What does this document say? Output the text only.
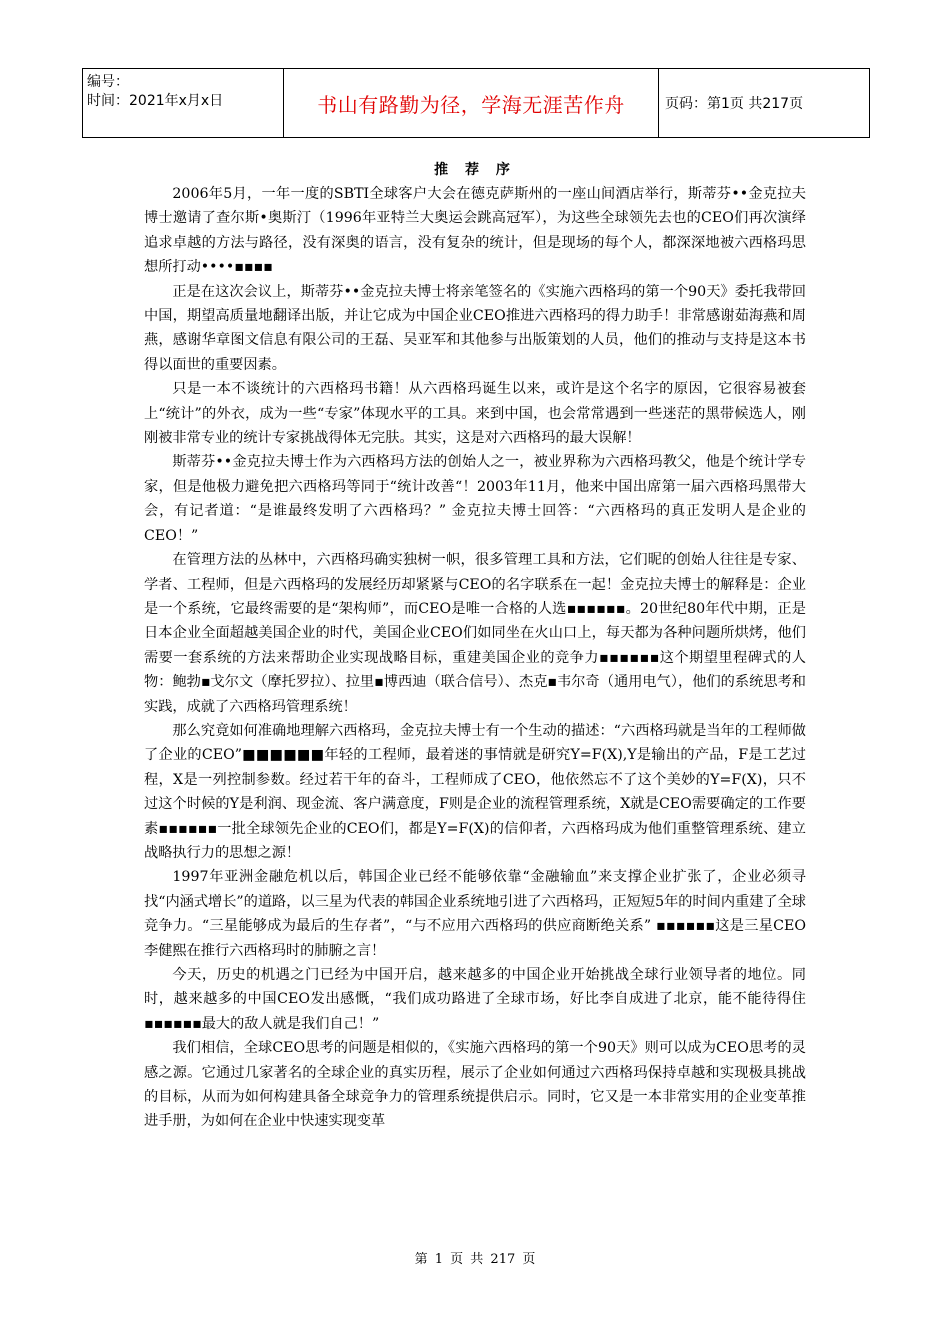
编号：
时间：2021年x月x日	书山有路勤为径，学海无涯苦作舟	页码：第1页 共217页
推 荐 序

2006年5月，一年一度的SBTI全球客户大会在德克萨斯州的一座山间酒店举行，斯蒂芬••金克拉夫博士邀请了查尔斯•奥斯汀（1996年亚特兰大奥运会跳高冠军），为这些全球领先去也的CEO们再次演绎追求卓越的方法与路径，没有深奥的语言，没有复杂的统计，但是现场的每个人，都深深地被六西格玛思想所打动••••▪▪▪▪

正是在这次会议上，斯蒂芬••金克拉夫博士将亲笔签名的《实施六西格玛的第一个90天》委托我带回中国，期望高质量地翻译出版，并让它成为中国企业CEO推进六西格玛的得力助手！非常感谢茹海燕和周燕，感谢华章图文信息有限公司的王磊、吴亚军和其他参与出版策划的人员，他们的推动与支持是这本书得以面世的重要因素。

只是一本不谈统计的六西格玛书籍！从六西格玛诞生以来，或许是这个名字的原因，它很容易被套上“统计”的外衣，成为一些“专家”体现水平的工具。来到中国，也会常常遇到一些迷茫的黑带候选人，刚刚被非常专业的统计专家挑战得体无完肤。其实，这是对六西格玛的最大误解！

斯蒂芬••金克拉夫博士作为六西格玛方法的创始人之一，被业界称为六西格玛教父，他是个统计学专家，但是他极力避免把六西格玛等同于“统计改善“！2003年11月，他来中国出席第一届六西格玛黑带大会，有记者道：“是谁最终发明了六西格玛？” 金克拉夫博士回答：“六西格玛的真正发明人是企业的CEO！”

在管理方法的丛林中，六西格玛确实独树一帜，很多管理工具和方法，它们昵的创始人往往是专家、学者、工程师，但是六西格玛的发展经历却紧紧与CEO的名字联系在一起！金克拉夫博士的解释是：企业是一个系统，它最终需要的是“架构师”，而CEO是唯一合格的人选▪▪▪▪▪▪。20世纪80年代中期，正是日本企业全面超越美国企业的时代，美国企业CEO们如同坐在火山口上，每天都为各种问题所烘烤，他们需要一套系统的方法来帮助企业实现战略目标，重建美国企业的竞争力▪▪▪▪▪▪这个期望里程碑式的人物：鲍勃▪戈尔文（摩托罗拉）、拉里▪博西迪（联合信号）、杰克▪韦尔奇（通用电气），他们的系统思考和实践，成就了六西格玛管理系统！

那么究竟如何准确地理解六西格玛，金克拉夫博士有一个生动的描述：“六西格玛就是当年的工程师做了企业的CEO”■■■■■■年轻的工程师，最着迷的事情就是研究Y=F(X),Y是输出的产品，F是工艺过程，X是一列控制参数。经过若干年的奋斗，工程师成了CEO，他依然忘不了这个美妙的Y=F(X)，只不过这个时候的Y是利润、现金流、客户满意度，F则是企业的流程管理系统，X就是CEO需要确定的工作要素▪▪▪▪▪▪一批全球领先企业的CEO们，都是Y=F(X)的信仰者，六西格玛成为他们重整管理系统、建立战略执行力的思想之源！

1997年亚洲金融危机以后，韩国企业已经不能够依靠“金融输血”来支撑企业扩张了，企业必须寻找“内涵式增长”的道路，以三星为代表的韩国企业系统地引进了六西格玛，正短短5年的时间内重建了全球竞争力。“三星能够成为最后的生存者”，“与不应用六西格玛的供应商断绝关系” ▪▪▪▪▪▪这是三星CEO李健熙在推行六西格玛时的肺腑之言！

今天，历史的机遇之门已经为中国开启，越来越多的中国企业开始挑战全球行业领导者的地位。同时，越来越多的中国CEO发出感慨，“我们成功路进了全球市场，好比李自成进了北京，能不能待得住▪▪▪▪▪▪最大的敌人就是我们自己！”

我们相信，全球CEO思考的问题是相似的，《实施六西格玛的第一个90天》则可以成为CEO思考的灵感之源。它通过几家著名的全球企业的真实历程，展示了企业如何通过六西格玛保持卓越和实现极具挑战的目标，从而为如何构建具备全球竞争力的管理系统提供启示。同时，它又是一本非常实用的企业变革推进手册，为如何在企业中快速实现变革

第 1 页 共 217 页
